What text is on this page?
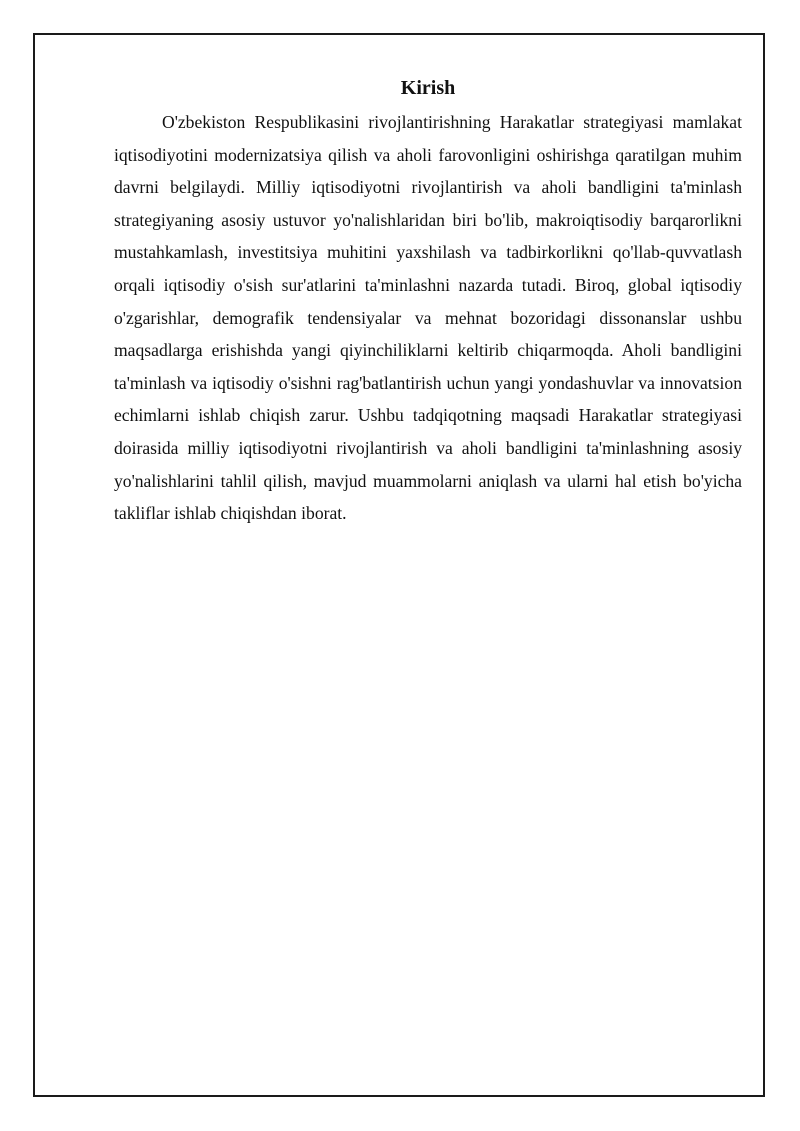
Kirish

O'zbekiston Respublikasini rivojlantirishning Harakatlar strategiyasi mamlakat iqtisodiyotini modernizatsiya qilish va aholi farovonligini oshirishga qaratilgan muhim davrni belgilaydi. Milliy iqtisodiyotni rivojlantirish va aholi bandligini ta'minlash strategiyaning asosiy ustuvor yo'nalishlaridan biri bo'lib, makroiqtisodiy barqarorlikni mustahkamlash, investitsiya muhitini yaxshilash va tadbirkorlikni qo'llab-quvvatlash orqali iqtisodiy o'sish sur'atlarini ta'minlashni nazarda tutadi. Biroq, global iqtisodiy o'zgarishlar, demografik tendensiyalar va mehnat bozoridagi dissonanslar ushbu maqsadlarga erishishda yangi qiyinchiliklarni keltirib chiqarmoqda. Aholi bandligini ta'minlash va iqtisodiy o'sishni rag'batlantirish uchun yangi yondashuvlar va innovatsion echimlarni ishlab chiqish zarur. Ushbu tadqiqotning maqsadi Harakatlar strategiyasi doirasida milliy iqtisodiyotni rivojlantirish va aholi bandligini ta'minlashning asosiy yo'nalishlarini tahlil qilish, mavjud muammolarni aniqlash va ularni hal etish bo'yicha takliflar ishlab chiqishdan iborat.
